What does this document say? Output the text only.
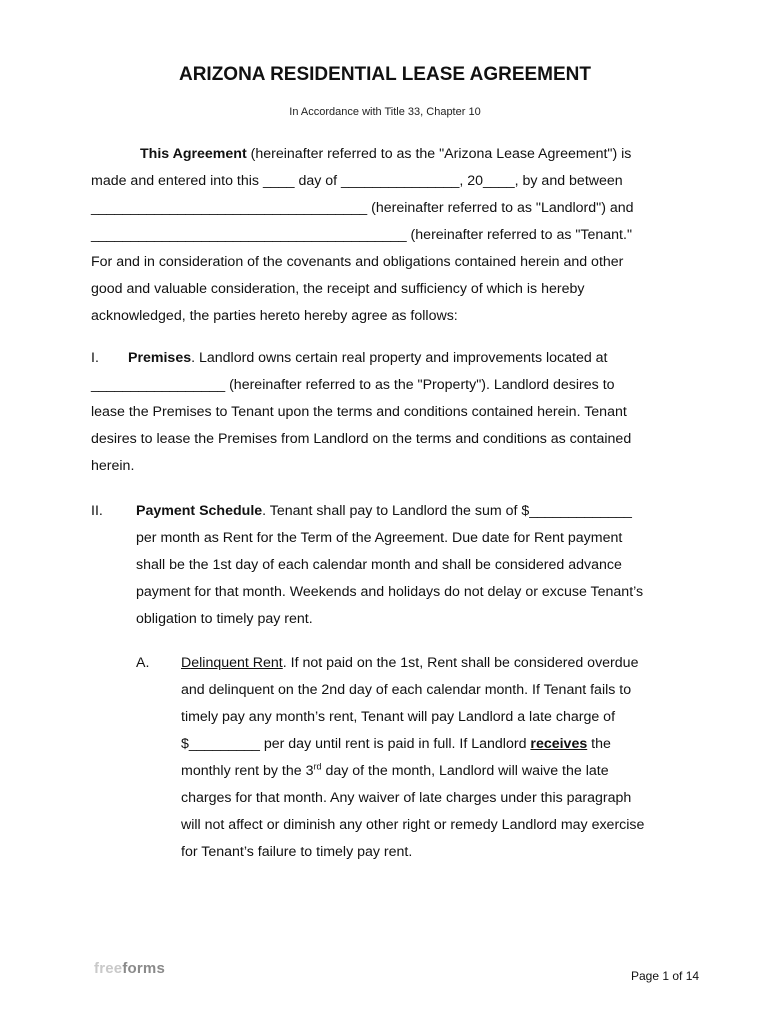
ARIZONA RESIDENTIAL LEASE AGREEMENT
In Accordance with Title 33, Chapter 10
This Agreement (hereinafter referred to as the "Arizona Lease Agreement") is
made and entered into this ____ day of _______________, 20____, by and between
___________________________________ (hereinafter referred to as "Landlord") and
________________________________________ (hereinafter referred to as "Tenant."
For and in consideration of the covenants and obligations contained herein and other
good and valuable consideration, the receipt and sufficiency of which is hereby
acknowledged, the parties hereto hereby agree as follows:
I. Premises. Landlord owns certain real property and improvements located at
_________________ (hereinafter referred to as the "Property"). Landlord desires to
lease the Premises to Tenant upon the terms and conditions contained herein. Tenant
desires to lease the Premises from Landlord on the terms and conditions as contained
herein.
II. Payment Schedule. Tenant shall pay to Landlord the sum of $_____________
per month as Rent for the Term of the Agreement. Due date for Rent payment
shall be the 1st day of each calendar month and shall be considered advance
payment for that month. Weekends and holidays do not delay or excuse Tenant’s
obligation to timely pay rent.
A. Delinquent Rent. If not paid on the 1st, Rent shall be considered overdue
and delinquent on the 2nd day of each calendar month. If Tenant fails to
timely pay any month’s rent, Tenant will pay Landlord a late charge of
$_________ per day until rent is paid in full. If Landlord receives the
monthly rent by the 3rd day of the month, Landlord will waive the late
charges for that month. Any waiver of late charges under this paragraph
will not affect or diminish any other right or remedy Landlord may exercise
for Tenant’s failure to timely pay rent.
freeforms	Page 1 of 14
